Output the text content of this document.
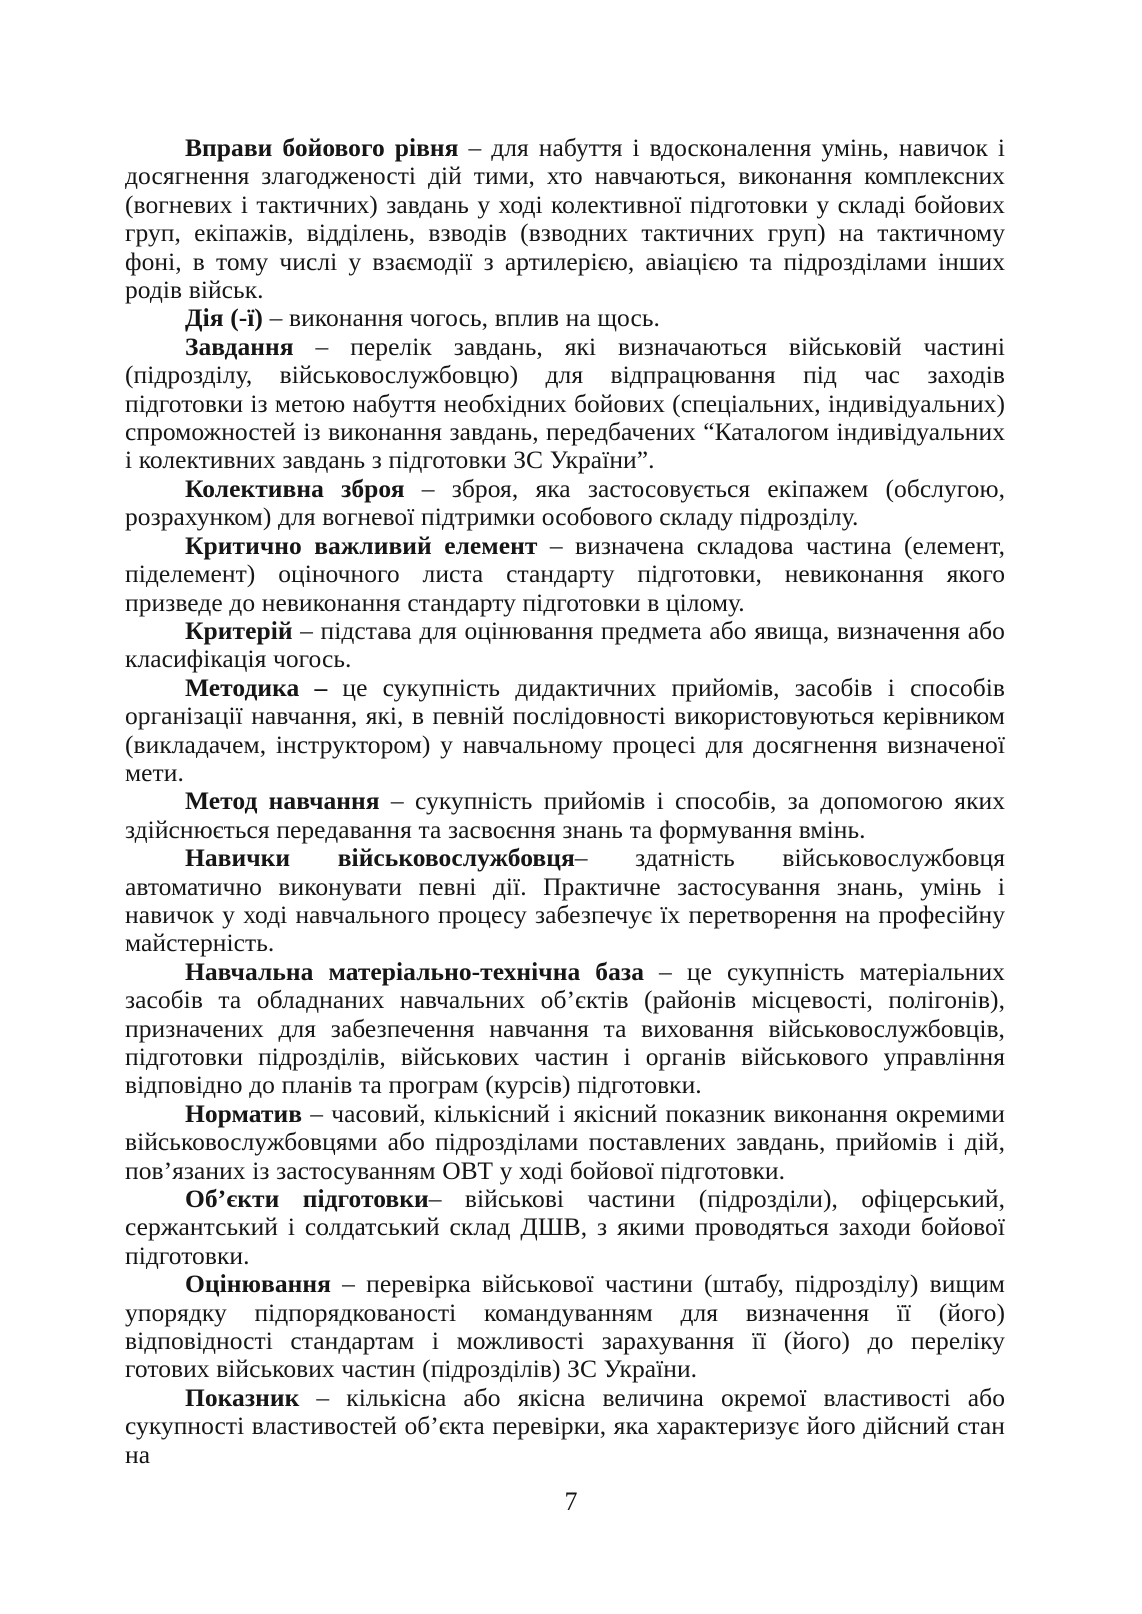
Вправи бойового рівня – для набуття і вдосконалення умінь, навичок і досягнення злагодженості дій тими, хто навчаються, виконання комплексних (вогневих і тактичних) завдань у ході колективної підготовки у складі бойових груп, екіпажів, відділень, взводів (взводних тактичних груп) на тактичному фоні, в тому числі у взаємодії з артилерією, авіацією та підрозділами інших родів військ.

Дія (-ї) – виконання чогось, вплив на щось.

Завдання – перелік завдань, які визначаються військовій частині (підрозділу, військовослужбовцю) для відпрацювання під час заходів підготовки із метою набуття необхідних бойових (спеціальних, індивідуальних) спроможностей із виконання завдань, передбачених “Каталогом індивідуальних і колективних завдань з підготовки ЗС України”.

Колективна зброя – зброя, яка застосовується екіпажем (обслугою, розрахунком) для вогневої підтримки особового складу підрозділу.

Критично важливий елемент – визначена складова частина (елемент, піделемент) оціночного листа стандарту підготовки, невиконання якого призведе до невиконання стандарту підготовки в цілому.

Критерій – підстава для оцінювання предмета або явища, визначення або класифікація чогось.

Методика – це сукупність дидактичних прийомів, засобів і способів організації навчання, які, в певній послідовності використовуються керівником (викладачем, інструктором) у навчальному процесі для досягнення визначеної мети.

Метод навчання – сукупність прийомів і способів, за допомогою яких здійснюється передавання та засвоєння знань та формування вмінь.

Навички військовослужбовця– здатність військовослужбовця автоматично виконувати певні дії. Практичне застосування знань, умінь і навичок у ході навчального процесу забезпечує їх перетворення на професійну майстерність.

Навчальна матеріально-технічна база – це сукупність матеріальних засобів та обладнаних навчальних об’єктів (районів місцевості, полігонів), призначених для забезпечення навчання та виховання військовослужбовців, підготовки підрозділів, військових частин і органів військового управління відповідно до планів та програм (курсів) підготовки.

Норматив – часовий, кількісний і якісний показник виконання окремими військовослужбовцями або підрозділами поставлених завдань, прийомів і дій, пов’язаних із застосуванням ОВТ у ході бойової підготовки.

Об’єкти підготовки– військові частини (підрозділи), офіцерський, сержантський і солдатський склад ДШВ, з якими проводяться заходи бойової підготовки.

Оцінювання – перевірка військової частини (штабу, підрозділу) вищим упорядку підпорядкованості командуванням для визначення її (його) відповідності стандартам і можливості зарахування її (його) до переліку готових військових частин (підрозділів) ЗС України.

Показник – кількісна або якісна величина окремої властивості або сукупності властивостей об’єкта перевірки, яка характеризує його дійсний стан на

7
